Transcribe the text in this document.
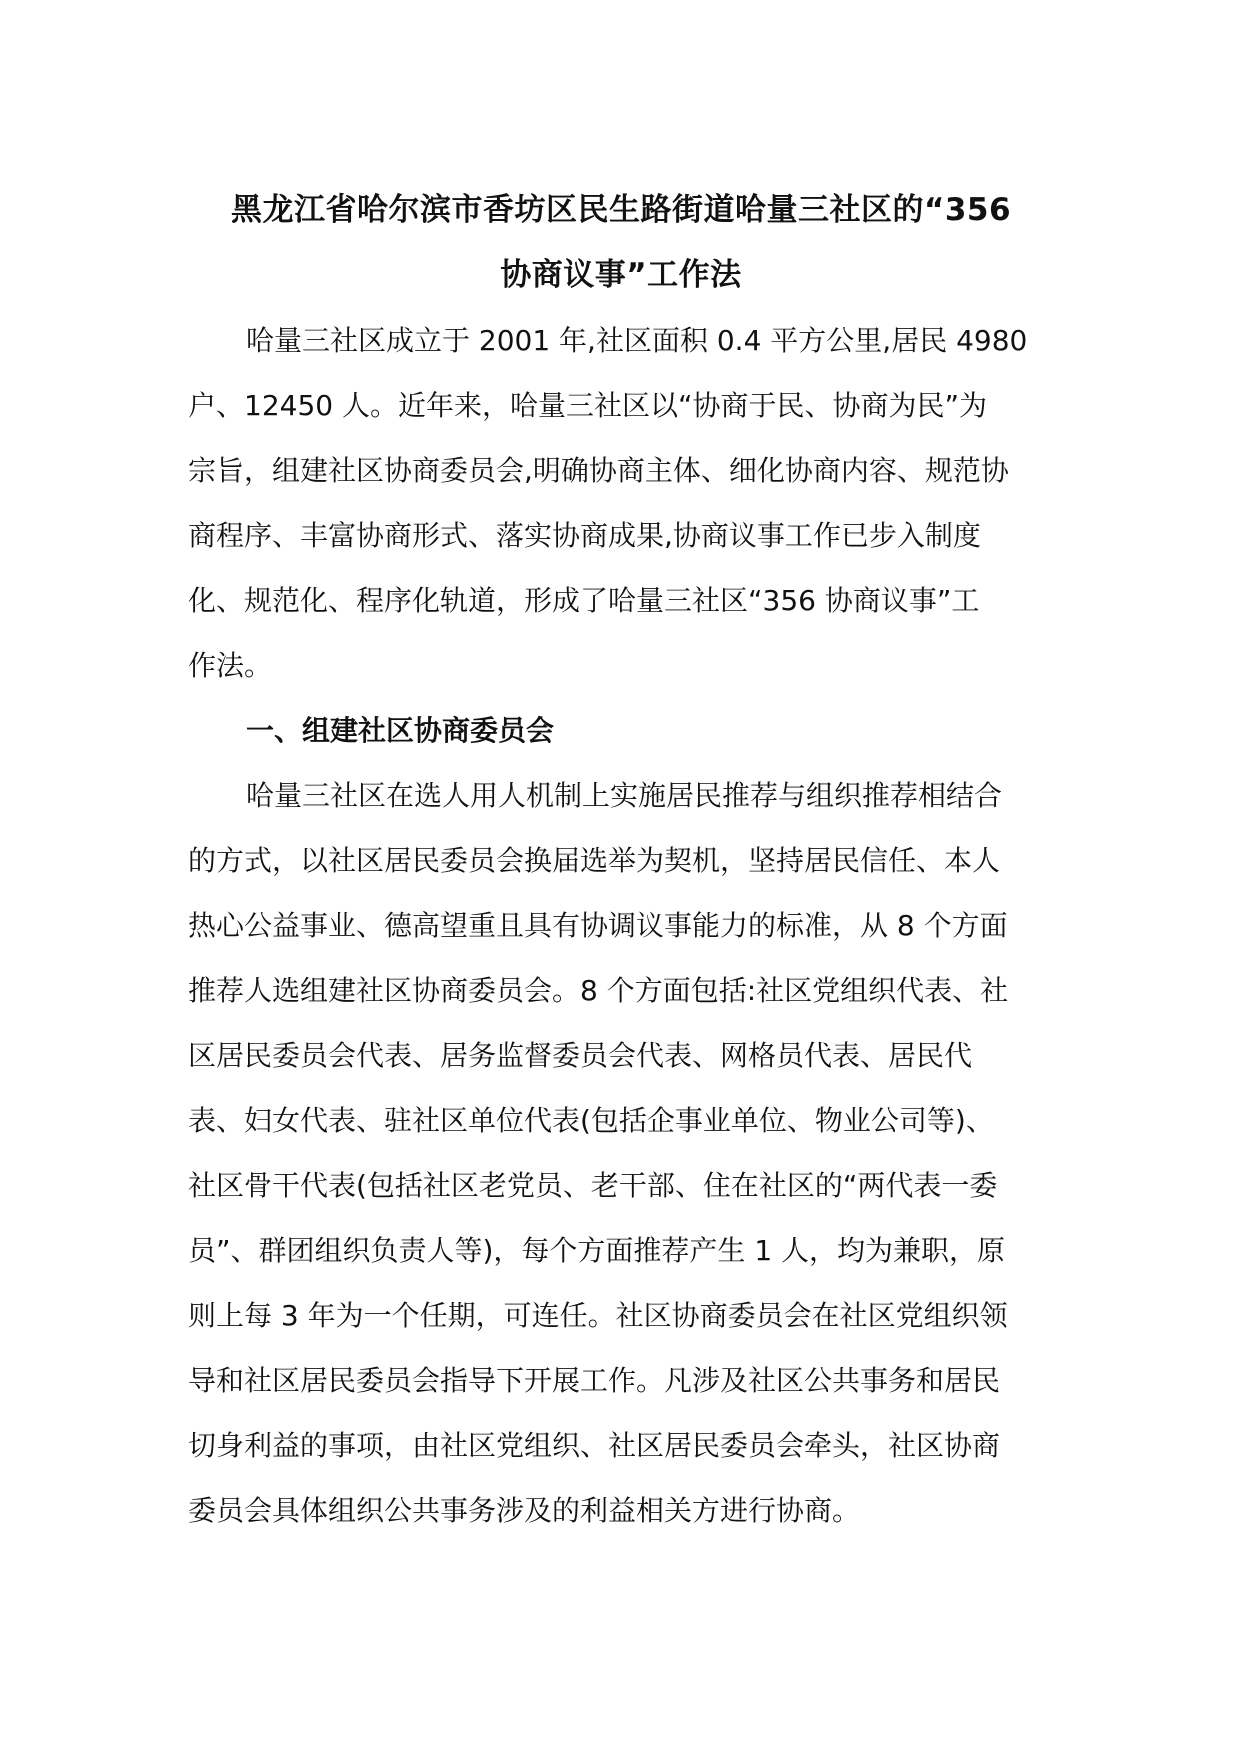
黑龙江省哈尔滨市香坊区民生路街道哈量三社区的“356
协商议事”工作法

哈量三社区成立于 2001 年,社区面积 0.4 平方公里,居民 4980
户、12450 人。近年来，哈量三社区以“协商于民、协商为民”为
宗旨，组建社区协商委员会,明确协商主体、细化协商内容、规范协
商程序、丰富协商形式、落实协商成果,协商议事工作已步入制度
化、规范化、程序化轨道，形成了哈量三社区“356 协商议事”工
作法。

一、组建社区协商委员会

哈量三社区在选人用人机制上实施居民推荐与组织推荐相结合
的方式，以社区居民委员会换届选举为契机，坚持居民信任、本人
热心公益事业、德高望重且具有协调议事能力的标准，从 8 个方面
推荐人选组建社区协商委员会。8 个方面包括:社区党组织代表、社
区居民委员会代表、居务监督委员会代表、网格员代表、居民代
表、妇女代表、驻社区单位代表(包括企事业单位、物业公司等)、
社区骨干代表(包括社区老党员、老干部、住在社区的“两代表一委
员”、群团组织负责人等)，每个方面推荐产生 1 人，均为兼职，原
则上每 3 年为一个任期，可连任。社区协商委员会在社区党组织领
导和社区居民委员会指导下开展工作。凡涉及社区公共事务和居民
切身利益的事项，由社区党组织、社区居民委员会牵头，社区协商
委员会具体组织公共事务涉及的利益相关方进行协商。
